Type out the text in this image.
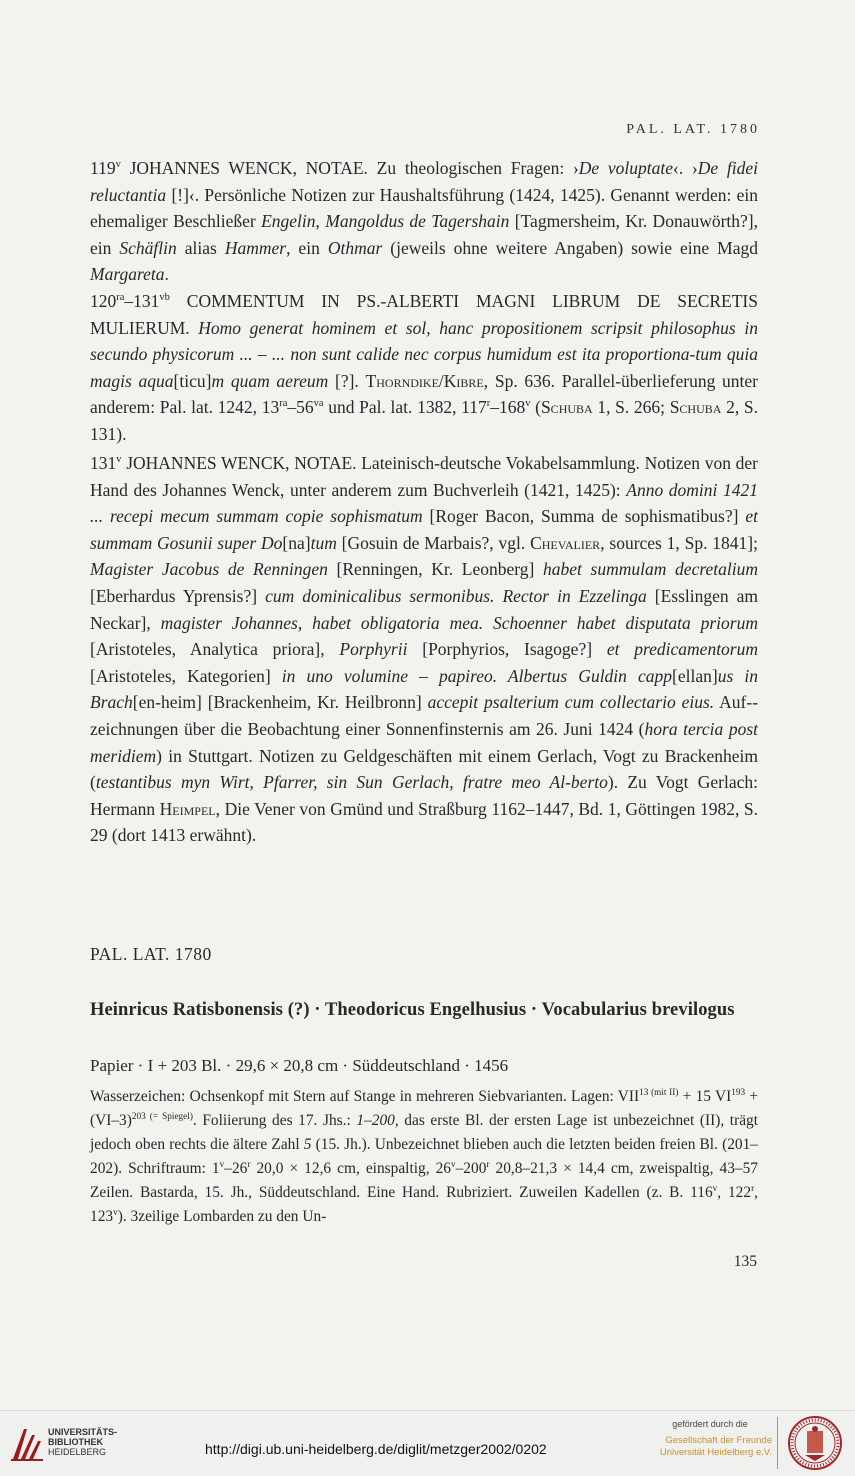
PAL. LAT. 1780

119$^v$ JOHANNES WENCK, NOTAE. Zu theologischen Fragen: ›De voluptate‹. ›De fidei reluctantia [!]‹. Persönliche Notizen zur Haushaltsführung (1424, 1425). Genannt werden: ein ehemaliger Beschließer Engelin, Mangoldus de Tagershain [Tagmersheim, Kr. Donauwörth?], ein Schäflin alias Hammer, ein Othmar (jeweils ohne weitere Angaben) sowie eine Magd Margareta.

$120^{ra}-131^{vb}$ COMMENTUM IN PS.-ALBERTI MAGNI LIBRUM DE SECRETIS MULIERUM. Homo generat hominem et sol, hanc propositionem scripsit philosophus in secundo physicorum ... – ... non sunt calide nec corpus humidum est ita proportiona-tum quia magis aqua[ticu]m quam aereum [?]. Thorndike/Kibre, Sp. 636. Parallel-überlieferung unter anderem: Pal. lat. 1242, $13^{ra}-56^{va}$ und Pal. lat. 1382, 117$^r$–168$^v$ (Schuba 1, S. 266; Schuba 2, S. 131).

131$^v$ JOHANNES WENCK, NOTAE. Lateinisch-deutsche Vokabelsammlung. Notizen von der Hand des Johannes Wenck, unter anderem zum Buchverleih (1421, 1425): Anno domini 1421 ... recepi mecum summam copie sophismatum [Roger Bacon, Summa de sophismatibus?] et summam Gosunii super Do[na]tum [Gosuin de Marbais?, vgl. Chevalier, sources 1, Sp. 1841]; Magister Jacobus de Renningen [Renningen, Kr. Leonberg] habet summulam decretalium [Eberhardus Yprensis?] cum dominicalibus sermonibus. Rector in Ezzelinga [Esslingen am Neckar], magister Johannes, habet obligatoria mea. Schoenner habet disputata priorum [Aristoteles, Analytica priora], Porphyrii [Porphyrios, Isagoge?] et predicamentorum [Aristoteles, Kategorien] in uno volumine – papireo. Albertus Guldin capp[ellan]us in Brach[en-heim] [Brackenheim, Kr. Heilbronn] accepit psalterium cum collectario eius. Auf-zeichnungen über die Beobachtung einer Sonnenfinsternis am 26. Juni 1424 (hora tercia post meridiem) in Stuttgart. Notizen zu Geldgeschäften mit einem Gerlach, Vogt zu Brackenheim (testantibus myn Wirt, Pfarrer, sin Sun Gerlach, fratre meo Al-berto). Zu Vogt Gerlach: Hermann Heimpel, Die Vener von Gmünd und Straßburg 1162–1447, Bd. 1, Göttingen 1982, S. 29 (dort 1413 erwähnt).

PAL. LAT. 1780
Heinricus Ratisbonensis (?) · Theodoricus Engelhusius · Vocabularius brevilogus
Papier · I + 203 Bl. · 29,6 × 20,8 cm · Süddeutschland · 1456
Wasserzeichen: Ochsenkopf mit Stern auf Stange in mehreren Siebvarianten. Lagen: $VII^{13 (mit II)} + 15$ $VI^{193} + (VI-3)^{203 (= Spiegel)}$. Foliierung des 17. Jhs.: 1–200, das erste Bl. der ersten Lage ist unbezeichnet (II), trägt jedoch oben rechts die ältere Zahl 5 (15. Jh.). Unbezeichnet blieben auch die letzten beiden freien Bl. (201–202). Schriftraum: 1$^v$–26$^r$ 20,0 × 12,6 cm, einspaltig, 26$^v$–200$^r$ 20,8–21,3 × 14,4 cm, zweispaltig, 43–57 Zeilen. Bastarda, 15. Jh., Süddeutschland. Eine Hand. Rubriziert. Zuweilen Kadellen (z. B. 116$^v$, 122$^r$, 123$^v$). 3zeilige Lombarden zu den Un-
135
UNIVERSITÄTS-
BIBLIOTHEK
HEIDELBERG	http://digi.ub.uni-heidelberg.de/diglit/metzger2002/0202
gefördert durch die
Gesellschaft der Freunde
Universität Heidelberg e.V.
